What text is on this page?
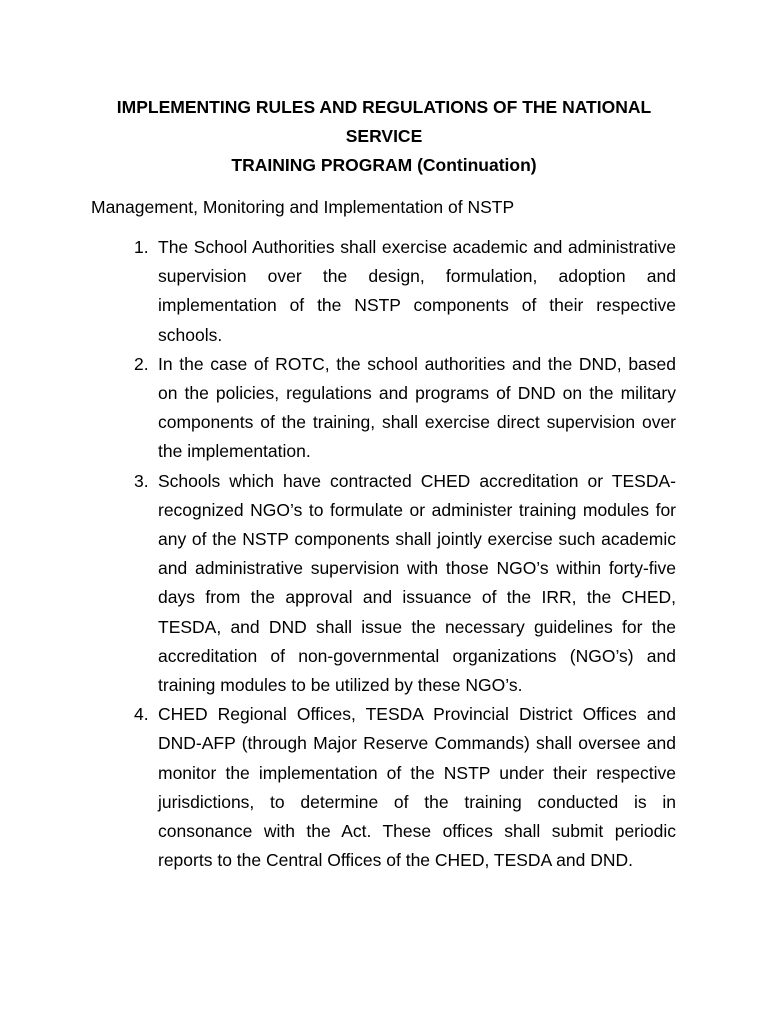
IMPLEMENTING RULES AND REGULATIONS OF THE NATIONAL SERVICE
TRAINING PROGRAM (Continuation)

Management, Monitoring and Implementation of NSTP

1. The School Authorities shall exercise academic and administrative supervision over the design, formulation, adoption and implementation of the NSTP components of their respective schools.
2. In the case of ROTC, the school authorities and the DND, based on the policies, regulations and programs of DND on the military components of the training, shall exercise direct supervision over the implementation.
3. Schools which have contracted CHED accreditation or TESDA-recognized NGO’s to formulate or administer training modules for any of the NSTP components shall jointly exercise such academic and administrative supervision with those NGO’s within forty-five days from the approval and issuance of the IRR, the CHED, TESDA, and DND shall issue the necessary guidelines for the accreditation of non-governmental organizations (NGO’s) and training modules to be utilized by these NGO’s.
4. CHED Regional Offices, TESDA Provincial District Offices and DND-AFP (through Major Reserve Commands) shall oversee and monitor the implementation of the NSTP under their respective jurisdictions, to determine of the training conducted is in consonance with the Act. These offices shall submit periodic reports to the Central Offices of the CHED, TESDA and DND.
